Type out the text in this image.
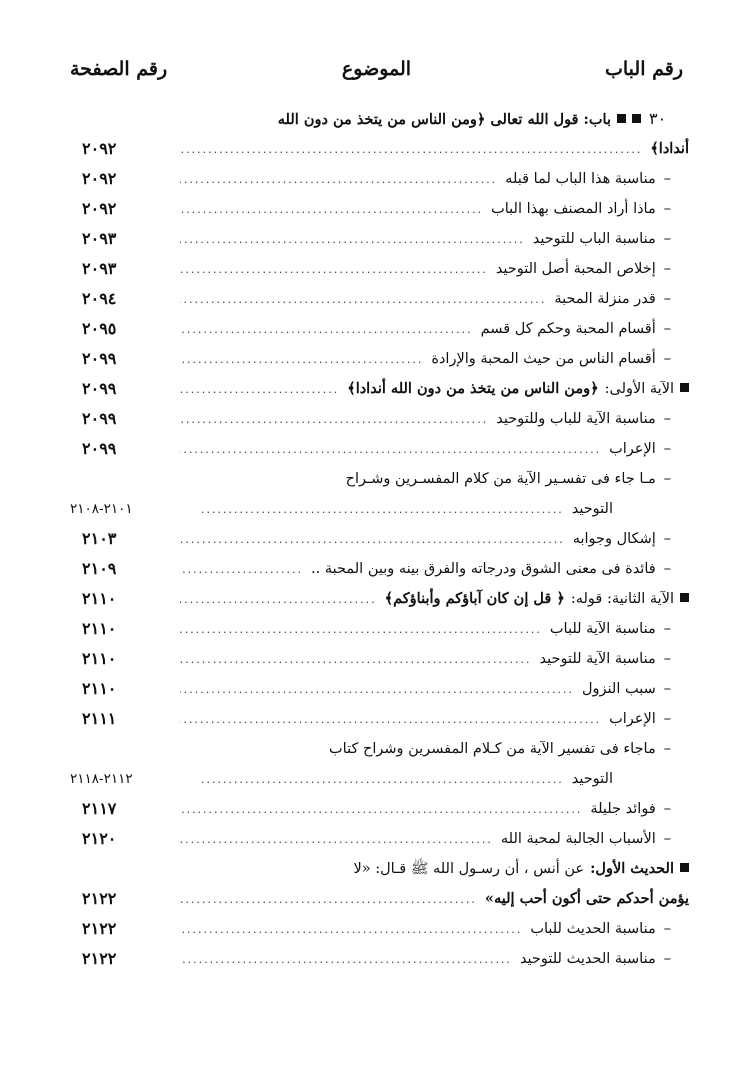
رقم الباب
الموضوع
رقم الصفحة
٣٠
باب: قول الله تعالى ﴿ومن الناس من يتخذ من دون الله
أندادا﴾
.....
٢٠٩٢
–
مناسبة هذا الباب لما قبله
.....
٢٠٩٢
–
ماذا أراد المصنف بهذا الباب
.....
٢٠٩٢
–
مناسبة الباب للتوحيد
.....
٢٠٩٣
–
إخلاص المحبة أصل التوحيد
.....
٢٠٩٣
–
قدر منزلة المحبة
.....
٢٠٩٤
–
أقسام المحبة وحكم كل قسم
.....
٢٠٩٥
–
أقسام الناس من حيث المحبة والإرادة
.....
٢٠٩٩
الآية الأولى:
﴿ومن الناس من يتخذ من دون الله أندادا﴾
.....
٢٠٩٩
–
مناسبة الآية للباب وللتوحيد
.....
٢٠٩٩
–
الإعراب
.....
٢٠٩٩
–
مـا جاء فى تفسـير الآية من كلام المفسـرين وشـراح
التوحيد
.....
٢١٠١-٢١٠٨
–
إشكال وجوابه
.....
٢١٠٣
–
فائدة فى معنى الشوق ودرجاته والفرق بينه وبين المحبة ..
.....
٢١٠٩
الآية الثانية: قوله:
﴿ قل إن كان آباؤكم وأبناؤكم﴾
.....
٢١١٠
–
مناسبة الآية للباب
.....
٢١١٠
–
مناسبة الآية للتوحيد
.....
٢١١٠
–
سبب النزول
.....
٢١١٠
–
الإعراب
.....
٢١١١
–
ماجاء فى تفسير الآية من كـلام المفسرين وشراح كتاب
التوحيد
.....
٢١١٢-٢١١٨
–
فوائد جليلة
.....
٢١١٧
–
الأسباب الجالبة لمحبة الله
.....
٢١٢٠
الحديث الأول:
عن أنس ، أن رسـول الله ﷺ قـال: «لا
يؤمن أحدكم حتى أكون أحب إليه»
.....
٢١٢٢
–
مناسبة الحديث للباب
.....
٢١٢٢
–
مناسبة الحديث للتوحيد
.....
٢١٢٢
